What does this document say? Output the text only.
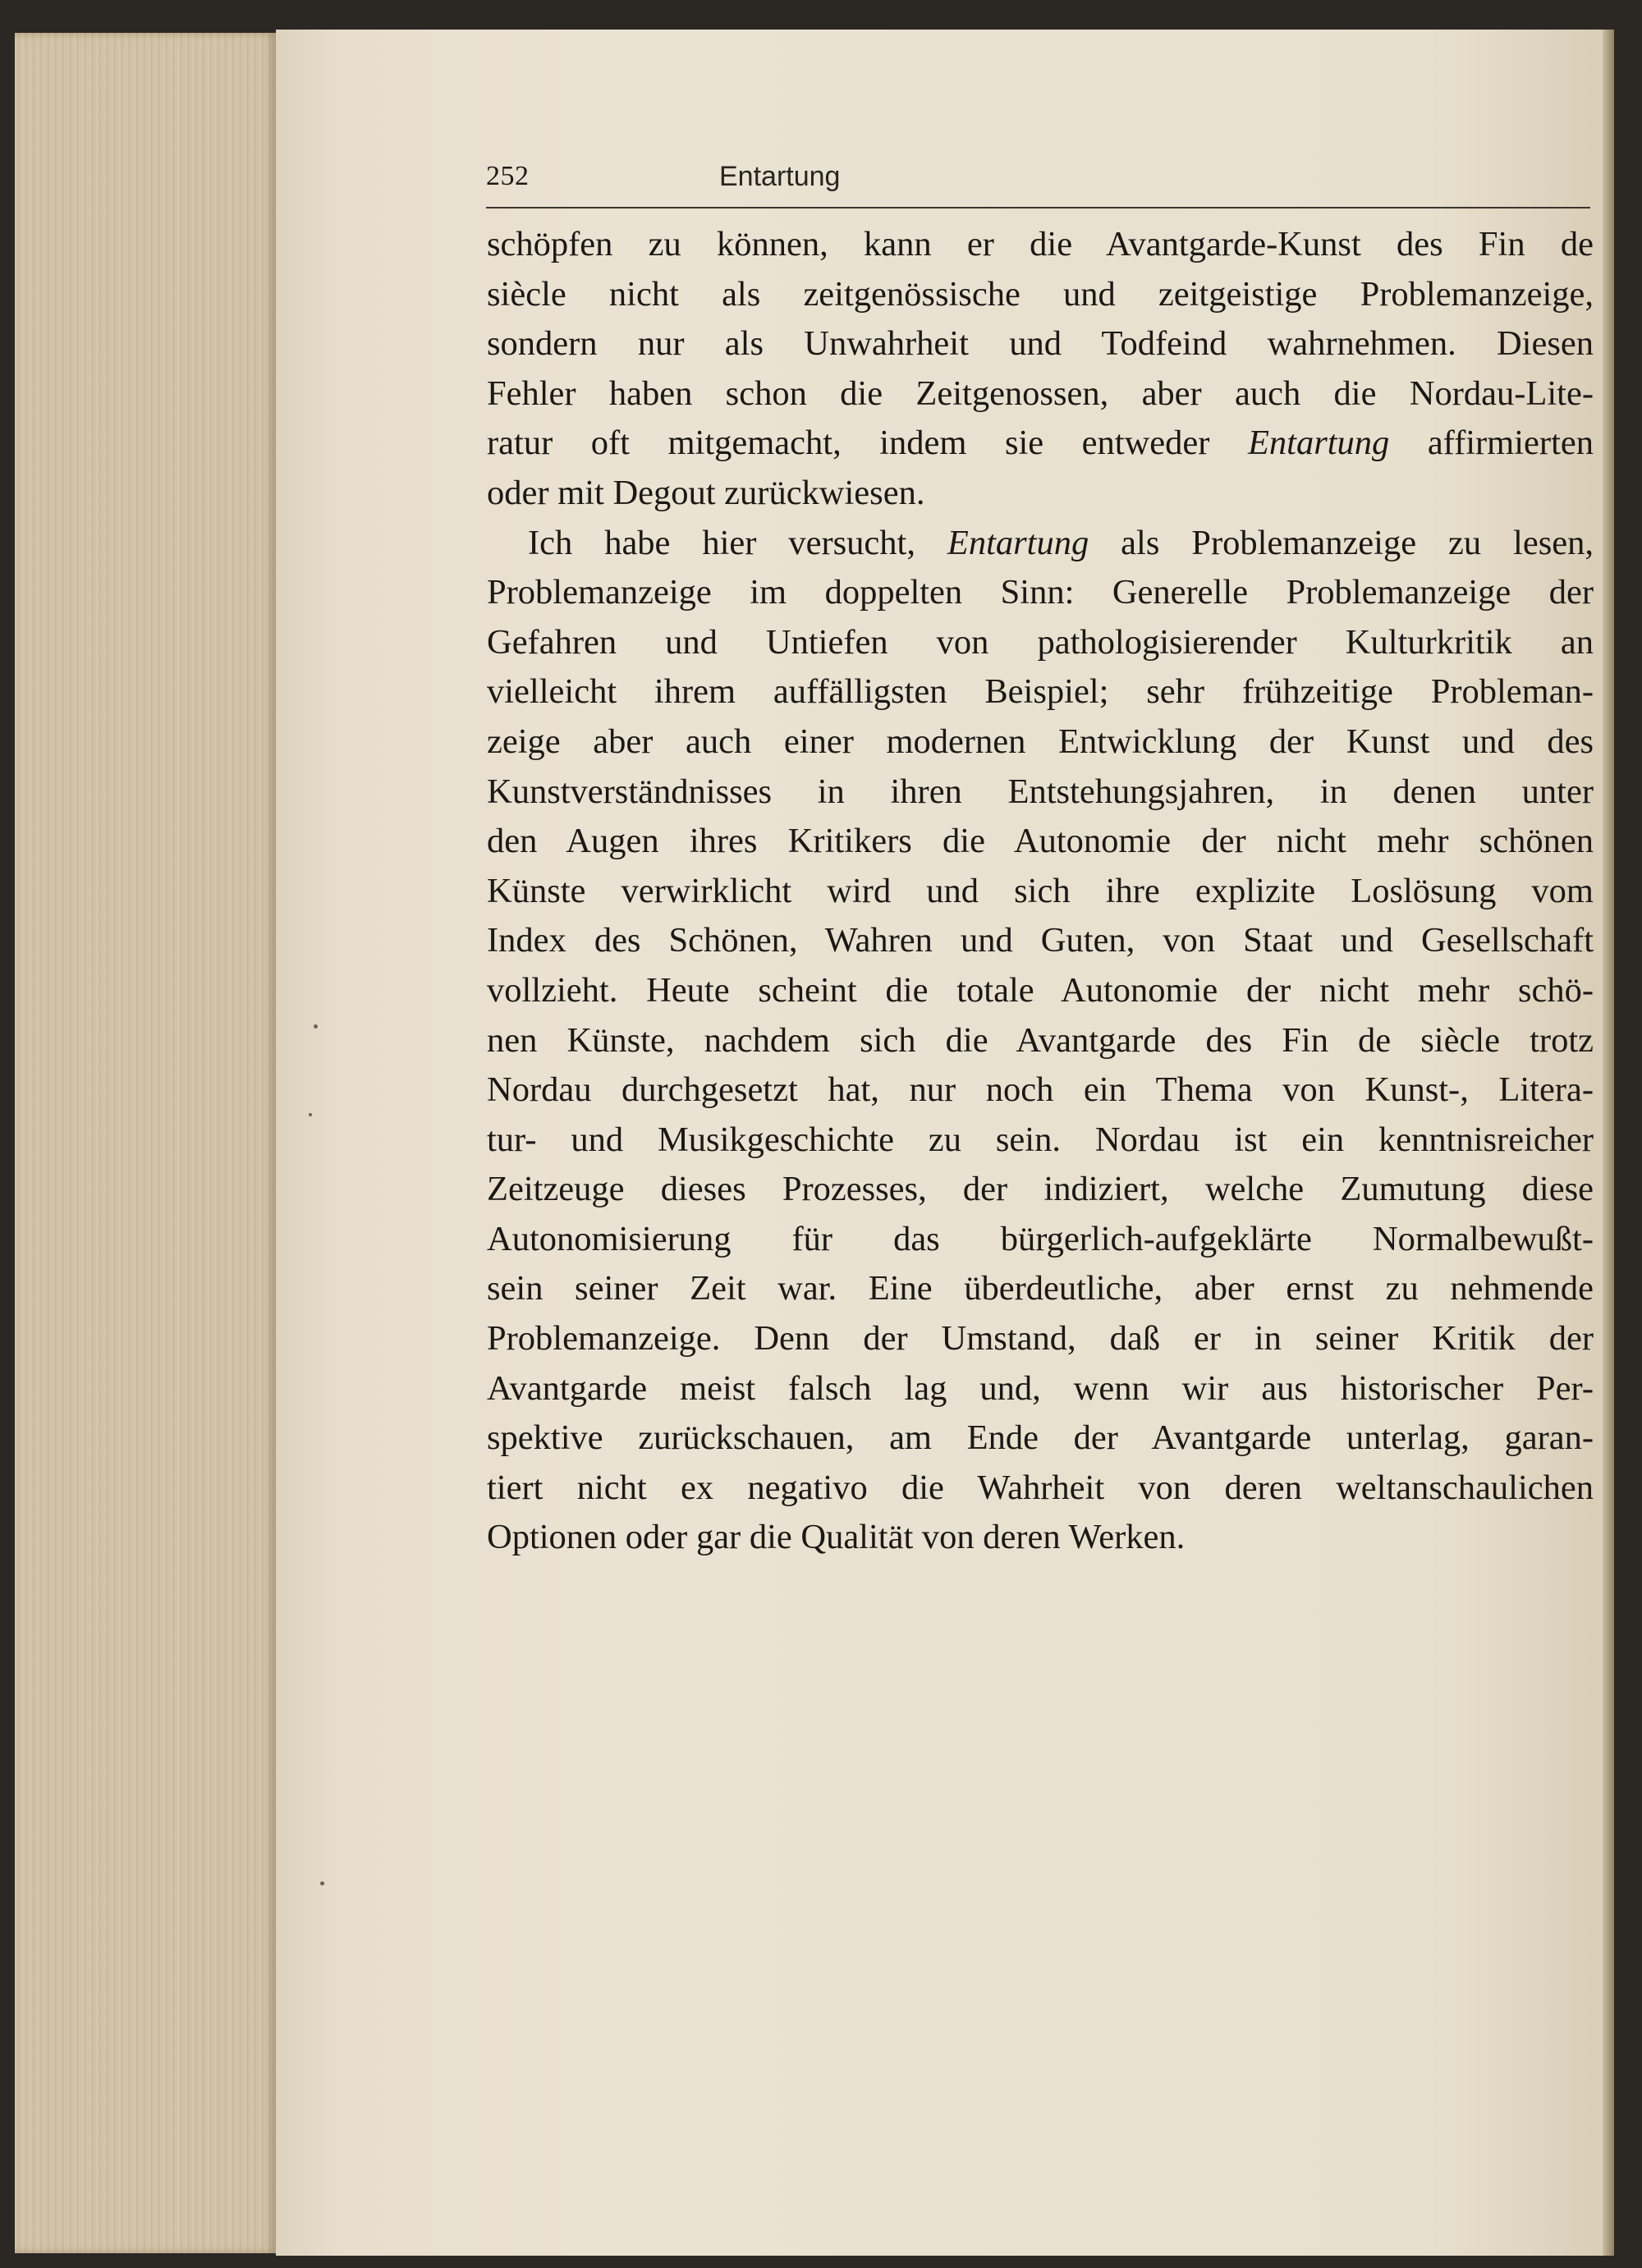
252	Entartung
schöpfen zu können, kann er die Avantgarde-Kunst des Fin de
siècle nicht als zeitgenössische und zeitgeistige Problemanzeige,
sondern nur als Unwahrheit und Todfeind wahrnehmen. Diesen
Fehler haben schon die Zeitgenossen, aber auch die Nordau-Lite-
ratur oft mitgemacht, indem sie entweder Entartung affirmierten
oder mit Degout zurückwiesen.
Ich habe hier versucht, Entartung als Problemanzeige zu lesen,
Problemanzeige im doppelten Sinn: Generelle Problemanzeige der
Gefahren und Untiefen von pathologisierender Kulturkritik an
vielleicht ihrem auffälligsten Beispiel; sehr frühzeitige Probleman-
zeige aber auch einer modernen Entwicklung der Kunst und des
Kunstverständnisses in ihren Entstehungsjahren, in denen unter
den Augen ihres Kritikers die Autonomie der nicht mehr schönen
Künste verwirklicht wird und sich ihre explizite Loslösung vom
Index des Schönen, Wahren und Guten, von Staat und Gesellschaft
vollzieht. Heute scheint die totale Autonomie der nicht mehr schö-
nen Künste, nachdem sich die Avantgarde des Fin de siècle trotz
Nordau durchgesetzt hat, nur noch ein Thema von Kunst-, Litera-
tur- und Musikgeschichte zu sein. Nordau ist ein kenntnisreicher
Zeitzeuge dieses Prozesses, der indiziert, welche Zumutung diese
Autonomisierung für das bürgerlich-aufgeklärte Normalbewußt-
sein seiner Zeit war. Eine überdeutliche, aber ernst zu nehmende
Problemanzeige. Denn der Umstand, daß er in seiner Kritik der
Avantgarde meist falsch lag und, wenn wir aus historischer Per-
spektive zurückschauen, am Ende der Avantgarde unterlag, garan-
tiert nicht ex negativo die Wahrheit von deren weltanschaulichen
Optionen oder gar die Qualität von deren Werken.
